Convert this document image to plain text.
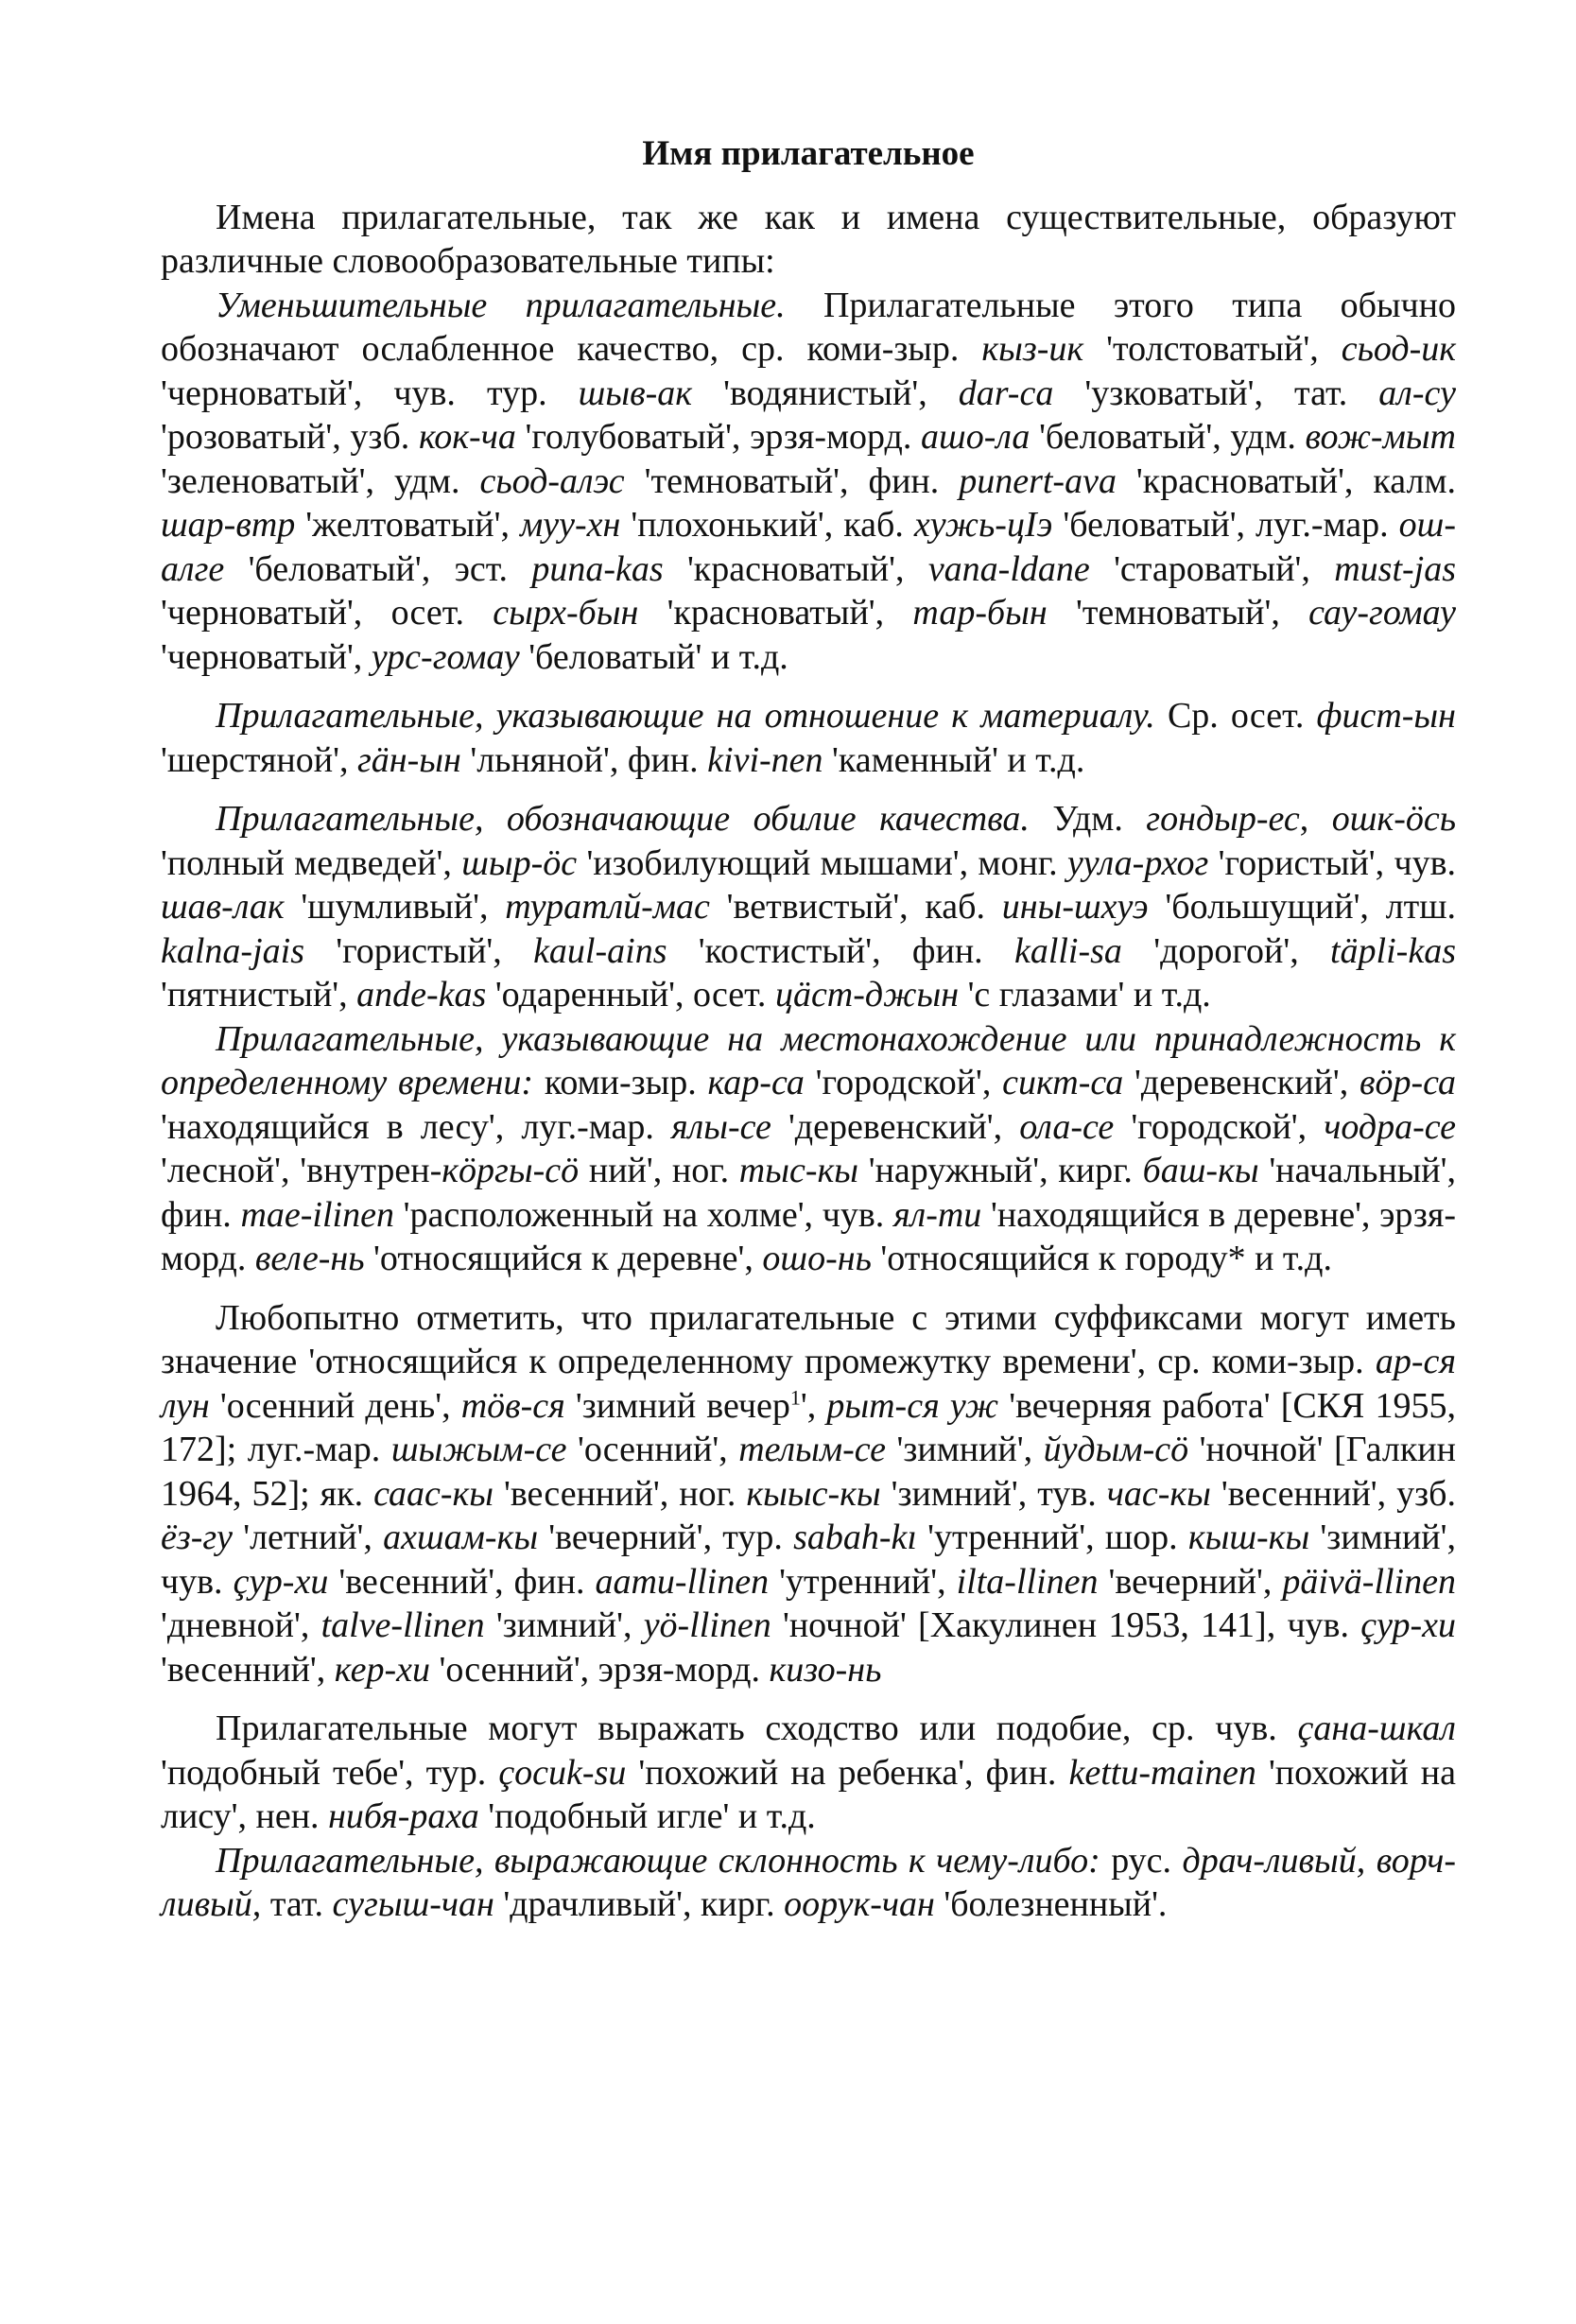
Имя прилагательное

Имена прилагательные, так же как и имена существительные, образуют различные словообразовательные типы:

Уменьшительные прилагательные. Прилагательные этого типа обычно обозначают ослабленное качество, ср. коми-зыр. кыз-ик 'толстоватый', сьод-ик 'черноватый', чув. тур. шыв-ак 'водянистый', dar-ca 'узковатый', тат. ал-су 'розоватый', узб. кок-ча 'голубоватый', эрзя-морд. ашо-ла 'беловатый', удм. вож-мыт 'зеленоватый', удм. сьод-алэс 'темноватый', фин. punert-ava 'красноватый', калм. шар-втр 'желтоватый', муу-хн 'плохонький', каб. хужь-цIэ 'беловатый', луг.-мар. ош-алге 'беловатый', эст. puna-kas 'красноватый', vana-ldane 'староватый', must-jas 'черноватый', осет. сырх-бын 'красноватый', тар-бын 'темноватый', сау-гомау 'черноватый', урс-гомау 'беловатый' и т.д.

Прилагательные, указывающие на отношение к материалу. Ср. осет. фист-ын 'шерстяной', гäн-ын 'льняной', фин. kivi-nen 'каменный' и т.д.

Прилагательные, обозначающие обилие качества. Удм. гондыр-ес, ошк-öсь 'полный медведей', шыр-öс 'изобилующий мышами', монг. уула-рхог 'гористый', чув. шав-лак 'шумливый', туратлй-мас 'ветвистый', каб. ины-шхуэ 'большущий', лтш. kalna-jais 'гористый', kaul-ains 'костистый', фин. kalli-sa 'дорогой', täpli-kas 'пятнистый', ande-kas 'одаренный', осет. цäст-джын 'с глазами' и т.д.

Прилагательные, указывающие на местонахождение или принадлежность к определенному времени: коми-зыр. кар-са 'городской', сикт-са 'деревенский', вöр-са 'находящийся в лесу', луг.-мар. ялы-се 'деревенский', ола-се 'городской', чодра-се 'лесной', 'внутрен-кöргы-сö ний', ног. тыс-кы 'наружный', кирг. баш-кы 'начальный', фин. mae-ilinen 'расположенный на холме', чув. ял-ти 'находящийся в деревне', эрзя-морд. веле-нь 'относящийся к деревне', ошо-нь 'относящийся к городу* и т.д.

Любопытно отметить, что прилагательные с этими суффиксами могут иметь значение 'относящийся к определенному промежутку времени', ср. коми-зыр. ар-ся лун 'осенний день', тöв-ся 'зимний вечер$^1$', рыт-ся уж 'вечерняя работа' [СКЯ 1955, 172]; луг.-мар. шыжым-се 'осенний', телым-се 'зимний', йудым-сö 'ночной' [Галкин 1964, 52]; як. саас-кы 'весенний', ног. кыыс-кы 'зимний', тув. час-кы 'весенний', узб. ёз-гу 'летний', ахшам-кы 'вечерний', тур. sabah-kı 'утренний', шор. кыш-кы 'зимний', чув. çур-хи 'весенний', фин. aamu-llinen 'утренний', ilta-llinen 'вечерний', päivä-llinen 'дневной', talve-llinen 'зимний', yö-llinen 'ночной' [Хакулинен 1953, 141], чув. çур-хи 'весенний', кер-хи 'осенний', эрзя-морд. кизо-нь

Прилагательные могут выражать сходство или подобие, ср. чув. çана-шкал 'подобный тебе', тур. çocuk-su 'похожий на ребенка', фин. kettu-mainen 'похожий на лису', нен. нибя-раха 'подобный игле' и т.д.

Прилагательные, выражающие склонность к чему-либо: рус. драч-ливый, ворч-ливый, тат. сугыш-чан 'драчливый', кирг. оорук-чан 'болезненный'.
